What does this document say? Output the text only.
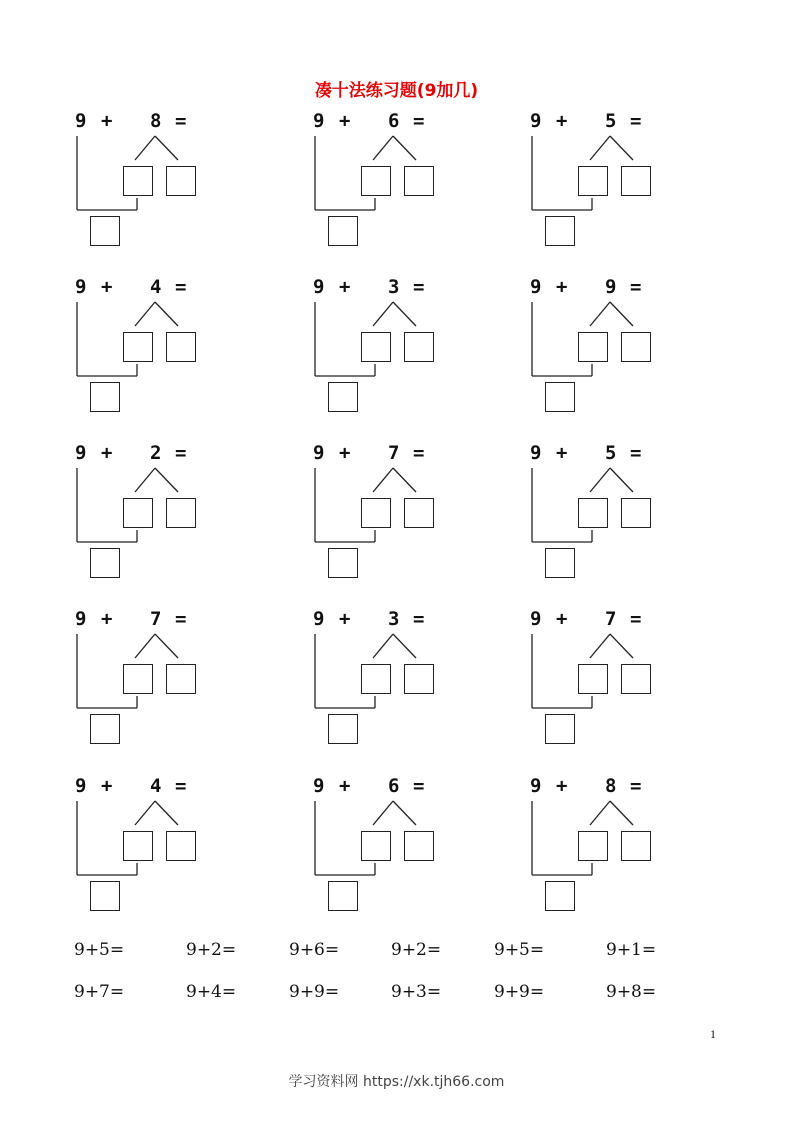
凑十法练习题(9加几)
9 + 8 =	9 + 6 =	9 + 5 =
9 + 4 =	9 + 3 =	9 + 9 =
9 + 2 =	9 + 7 =	9 + 5 =
9 + 7 =	9 + 3 =	9 + 7 =
9 + 4 =	9 + 6 =	9 + 8 =
9+5=	9+2=	9+6=	9+2=	9+5=	9+1=
9+7=	9+4=	9+9=	9+3=	9+9=	9+8=
1
学习资料网 https://xk.tjh66.com
